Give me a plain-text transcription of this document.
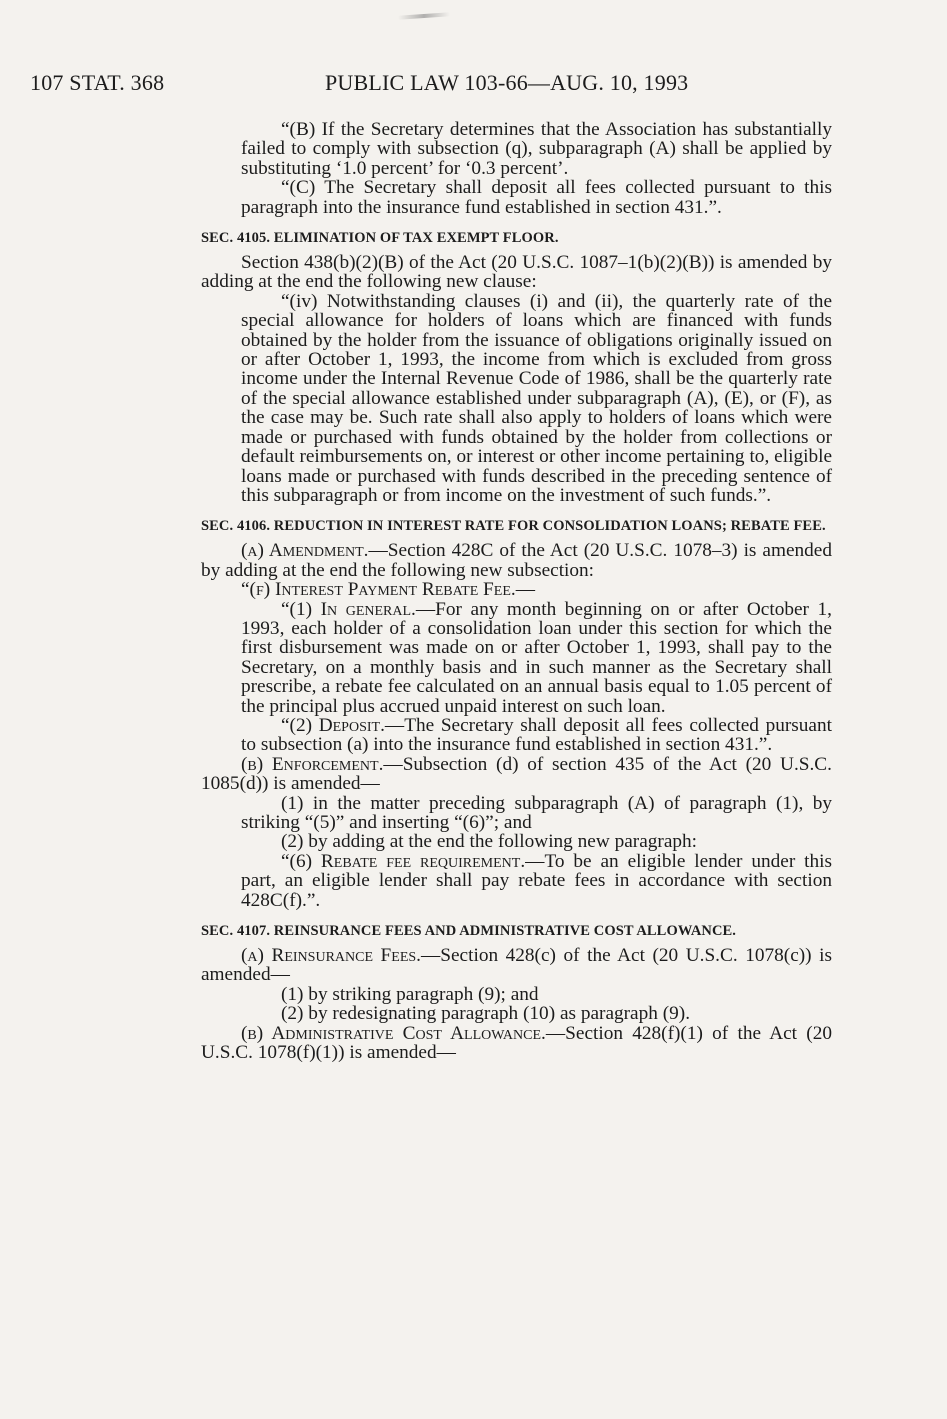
107 STAT. 368	PUBLIC LAW 103-66—AUG. 10, 1993

“(B) If the Secretary determines that the Association has substantially failed to comply with subsection (q), subparagraph (A) shall be applied by substituting ‘1.0 percent’ for ‘0.3 percent’.

“(C) The Secretary shall deposit all fees collected pursuant to this paragraph into the insurance fund established in section 431.”.

SEC. 4105. ELIMINATION OF TAX EXEMPT FLOOR.

Section 438(b)(2)(B) of the Act (20 U.S.C. 1087–1(b)(2)(B)) is amended by adding at the end the following new clause:

“(iv) Notwithstanding clauses (i) and (ii), the quarterly rate of the special allowance for holders of loans which are financed with funds obtained by the holder from the issuance of obligations originally issued on or after October 1, 1993, the income from which is excluded from gross income under the Internal Revenue Code of 1986, shall be the quarterly rate of the special allowance established under subparagraph (A), (E), or (F), as the case may be. Such rate shall also apply to holders of loans which were made or purchased with funds obtained by the holder from collections or default reimbursements on, or interest or other income pertaining to, eligible loans made or purchased with funds described in the preceding sentence of this subparagraph or from income on the investment of such funds.”.

SEC. 4106. REDUCTION IN INTEREST RATE FOR CONSOLIDATION LOANS; REBATE FEE.

(a) Amendment.—Section 428C of the Act (20 U.S.C. 1078–3) is amended by adding at the end the following new subsection:

“(f) Interest Payment Rebate Fee.—

“(1) In general.—For any month beginning on or after October 1, 1993, each holder of a consolidation loan under this section for which the first disbursement was made on or after October 1, 1993, shall pay to the Secretary, on a monthly basis and in such manner as the Secretary shall prescribe, a rebate fee calculated on an annual basis equal to 1.05 percent of the principal plus accrued unpaid interest on such loan.

“(2) Deposit.—The Secretary shall deposit all fees collected pursuant to subsection (a) into the insurance fund established in section 431.”.

(b) Enforcement.—Subsection (d) of section 435 of the Act (20 U.S.C. 1085(d)) is amended—

(1) in the matter preceding subparagraph (A) of paragraph (1), by striking “(5)” and inserting “(6)”; and

(2) by adding at the end the following new paragraph:

“(6) Rebate fee requirement.—To be an eligible lender under this part, an eligible lender shall pay rebate fees in accordance with section 428C(f).”.

SEC. 4107. REINSURANCE FEES AND ADMINISTRATIVE COST ALLOWANCE.

(a) Reinsurance Fees.—Section 428(c) of the Act (20 U.S.C. 1078(c)) is amended—

(1) by striking paragraph (9); and

(2) by redesignating paragraph (10) as paragraph (9).

(b) Administrative Cost Allowance.—Section 428(f)(1) of the Act (20 U.S.C. 1078(f)(1)) is amended—
